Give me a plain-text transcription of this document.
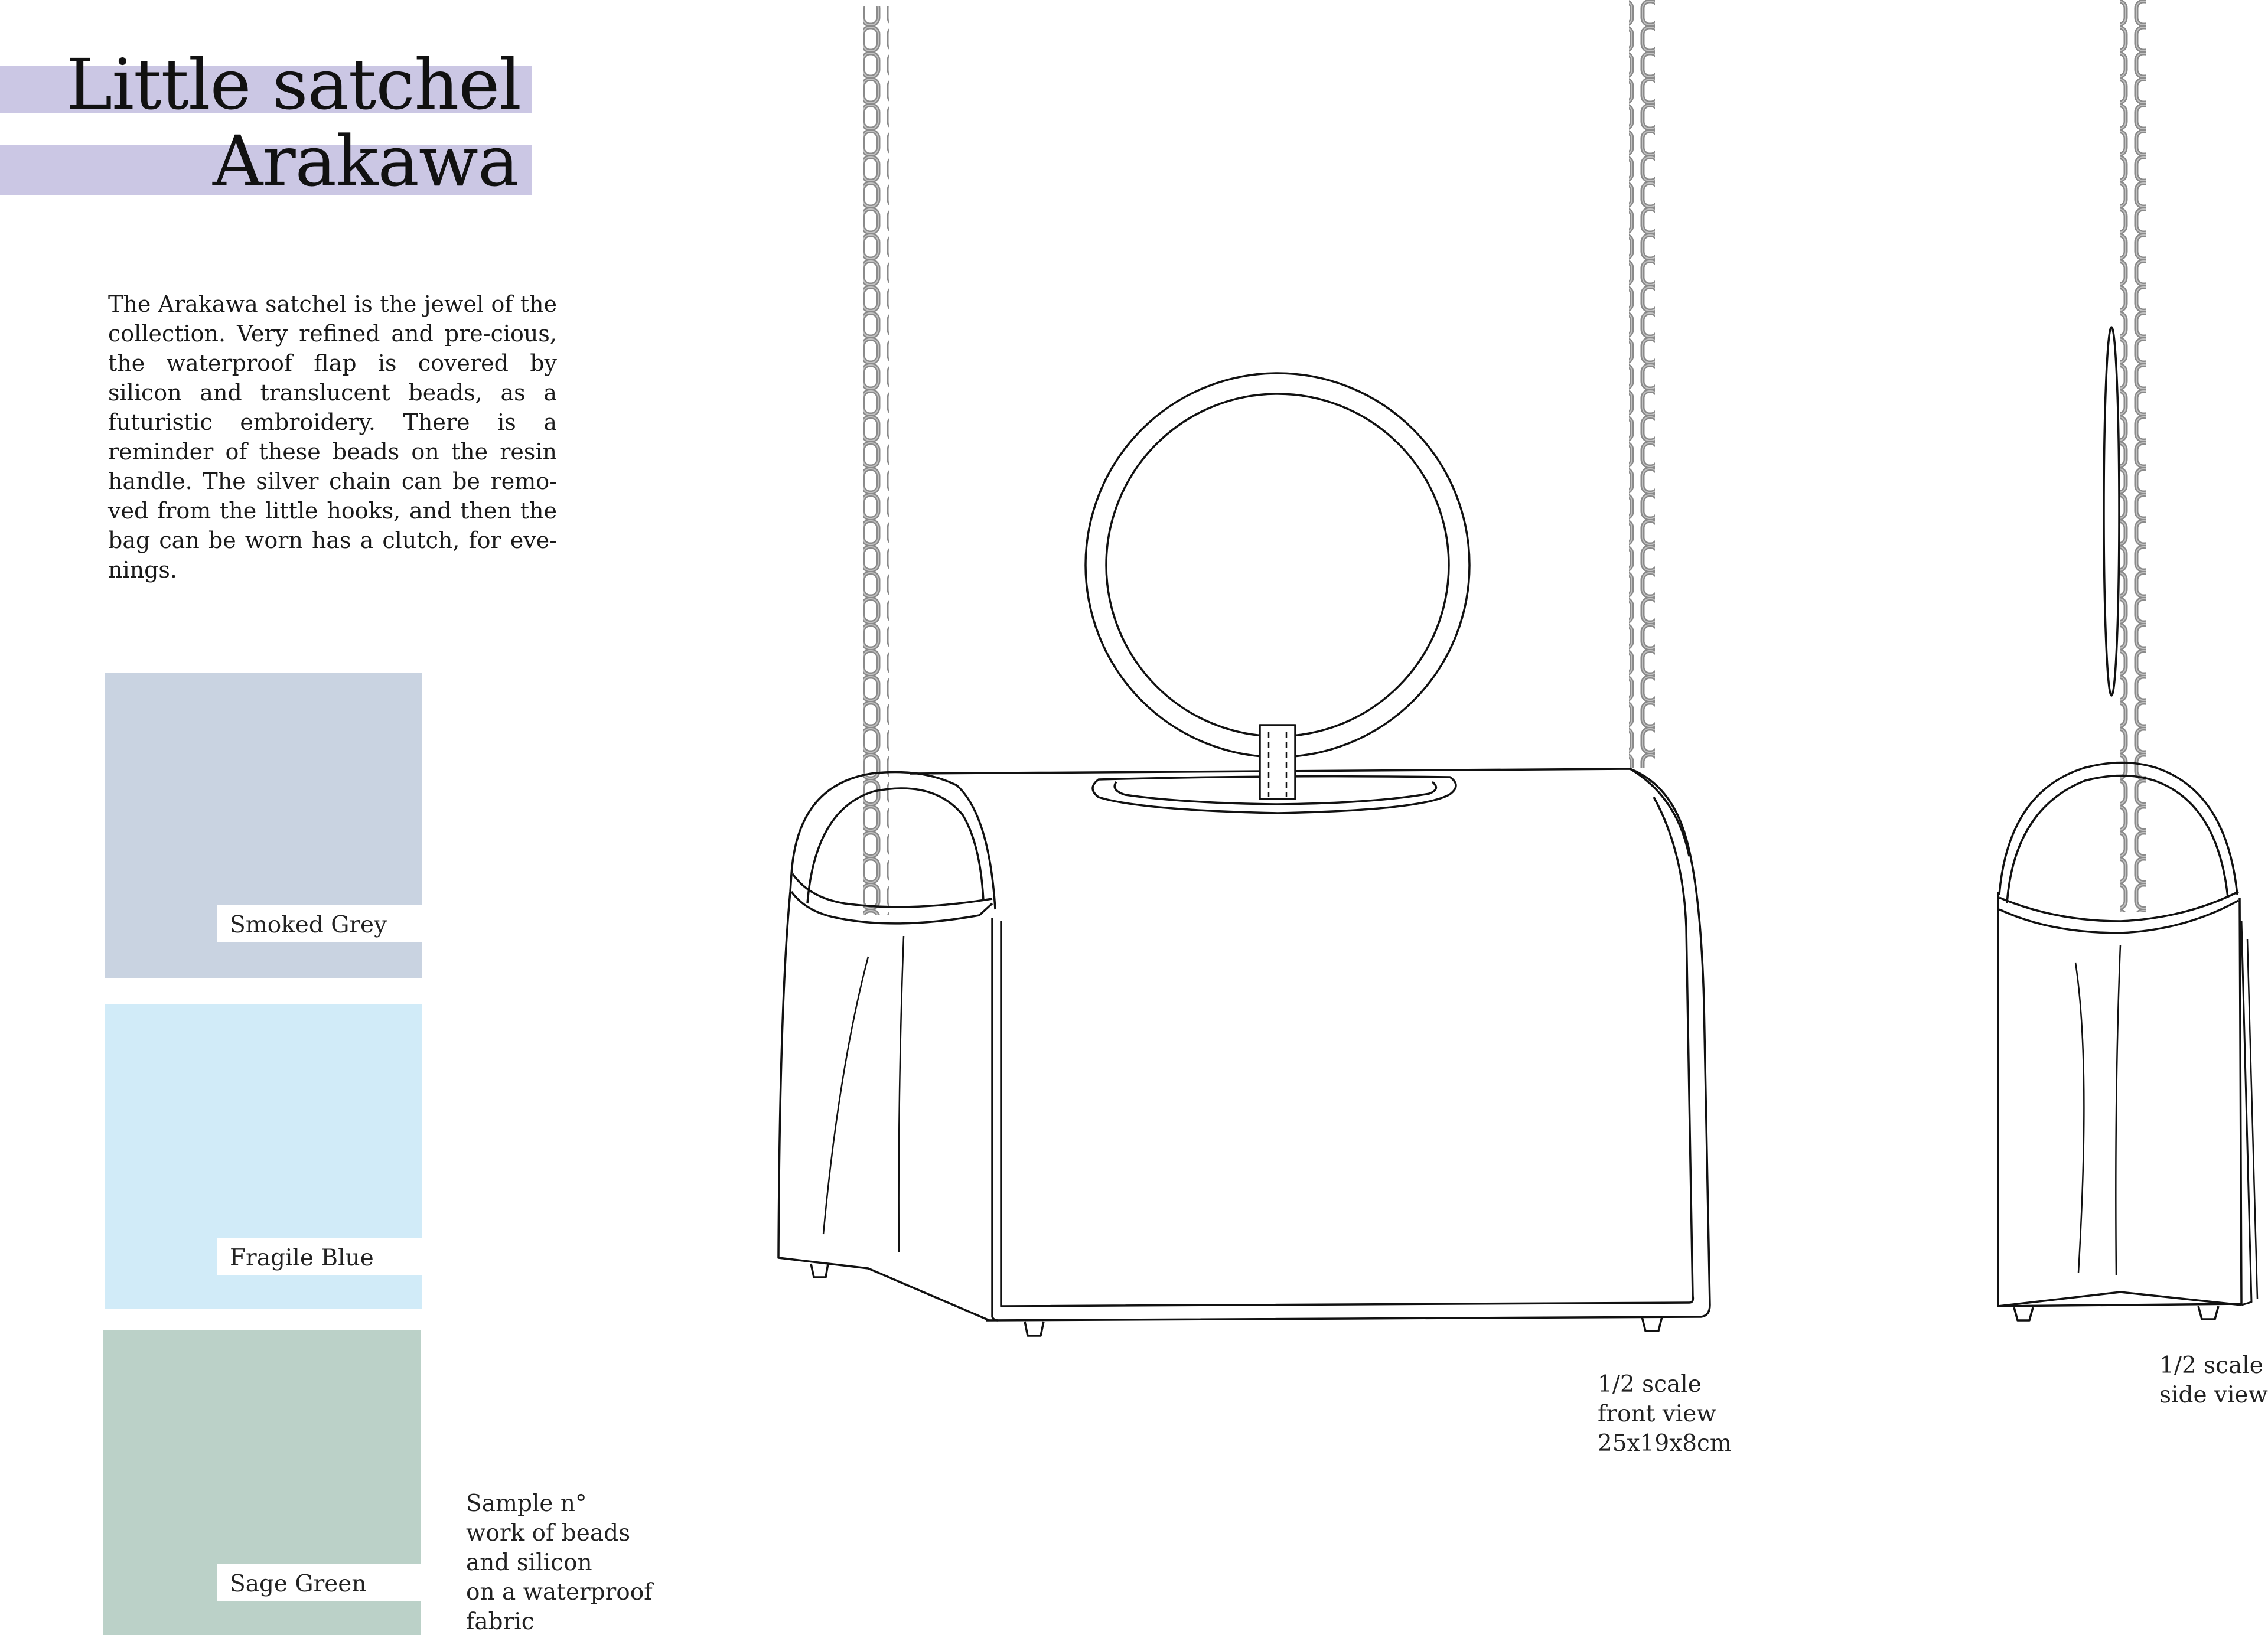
Little satchel
Arakawa
The Arakawa satchel is the jewel of the collection. Very refined and pre-cious, the waterproof flap is covered by silicon and translucent beads, as a futuristic embroidery. There is a reminder of these beads on the resin handle. The silver chain can be remo-ved from the little hooks, and then the bag can be worn has a clutch, for eve-nings.
Smoked Grey
Fragile Blue
Sage Green
Sample n°
work of beads
and silicon
on a waterproof
fabric
1/2 scale
front view
25x19x8cm
1/2 scale
side view
